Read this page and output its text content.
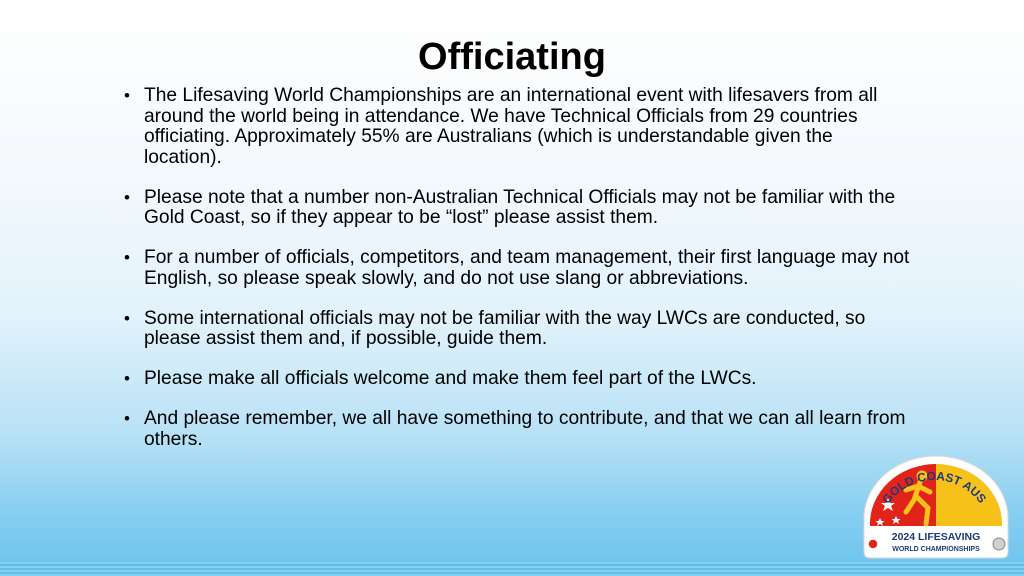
Officiating
• The Lifesaving World Championships are an international event with lifesavers from all around the world being in attendance. We have Technical Officials from 29 countries officiating. Approximately 55% are Australians (which is understandable given the location).
• Please note that a number non-Australian Technical Officials may not be familiar with the Gold Coast, so if they appear to be “lost” please assist them.
• For a number of officials, competitors, and team management, their first language may not English, so please speak slowly, and do not use slang or abbreviations.
• Some international officials may not be familiar with the way LWCs are conducted, so please assist them and, if possible, guide them.
• Please make all officials welcome and make them feel part of the LWCs.
• And please remember, we all have something to contribute, and that we can all learn from others.
GOLD COAST AUS
2024 LIFESAVING
WORLD CHAMPIONSHIPS
